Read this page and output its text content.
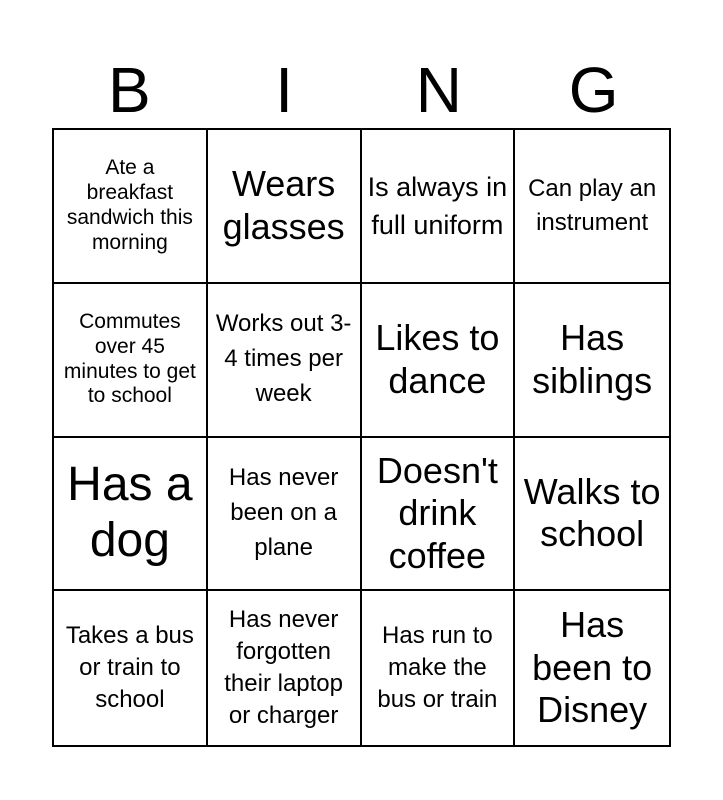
B	I	N	G
Ate a breakfast sandwich this morning
Wears glasses
Is always in full uniform
Can play an instrument
Commutes over 45 minutes to get to school
Works out 3-4 times per week
Likes to dance
Has siblings
Has a dog
Has never been on a plane
Doesn't drink coffee
Walks to school
Takes a bus or train to school
Has never forgotten their laptop or charger
Has run to make the bus or train
Has been to Disney
